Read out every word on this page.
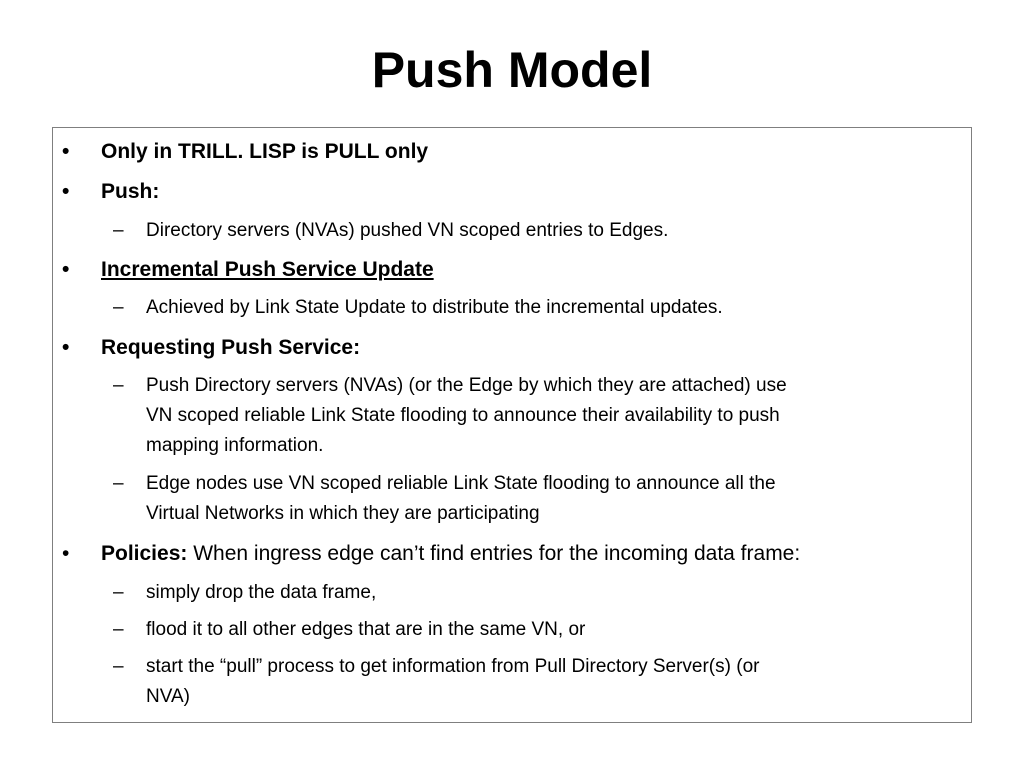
Push Model
• Only in TRILL. LISP is PULL only
• Push:
– Directory servers (NVAs) pushed VN scoped entries to Edges.
• Incremental Push Service Update
– Achieved by Link State Update to distribute the incremental updates.
• Requesting Push Service:
– Push Directory servers (NVAs) (or the Edge by which they are attached) use
VN scoped reliable Link State flooding to announce their availability to push
mapping information.
– Edge nodes use VN scoped reliable Link State flooding to announce all the
Virtual Networks in which they are participating
• Policies: When ingress edge can’t find entries for the incoming data frame:
– simply drop the data frame,
– flood it to all other edges that are in the same VN, or
– start the “pull” process to get information from Pull Directory Server(s) (or
NVA)
